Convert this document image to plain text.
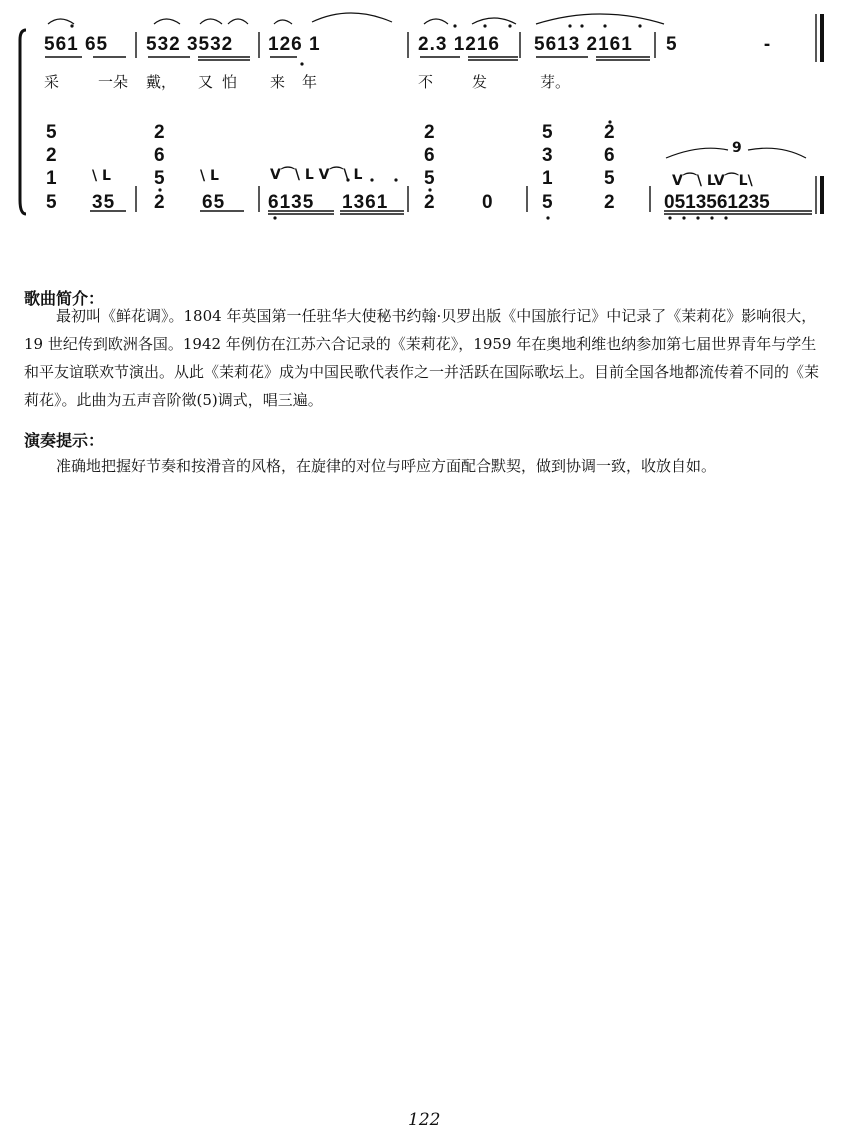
561 65 532 3532 126 1	2.3 1216 5613 2161 5 -
采	一朵 戴， 又 怕 来 年	不	发	芽。
5
2
1
2
6
5
2
6
5
5
3
1
2
6
5
\ L	\ L	V⌒\ L V⌒\ L	V⌒\ LV⌒L\
9
5 35 2 65 6135 1361 2 0	5	2	0513561235
歌曲简介：
最初叫《鲜花调》。1804 年英国第一任驻华大使秘书约翰·贝罗出版《中国旅行记》中记录了《茉莉花》影响很大，19 世纪传到欧洲各国。1942 年例仿在江苏六合记录的《茉莉花》，1959 年在奥地利维也纳参加第七届世界青年与学生和平友谊联欢节演出。从此《茉莉花》成为中国民歌代表作之一并活跃在国际歌坛上。目前全国各地都流传着不同的《茉莉花》。此曲为五声音阶徵(5)调式，唱三遍。
演奏提示：
准确地把握好节奏和按滑音的风格，在旋律的对位与呼应方面配合默契，做到协调一致，收放自如。
122
